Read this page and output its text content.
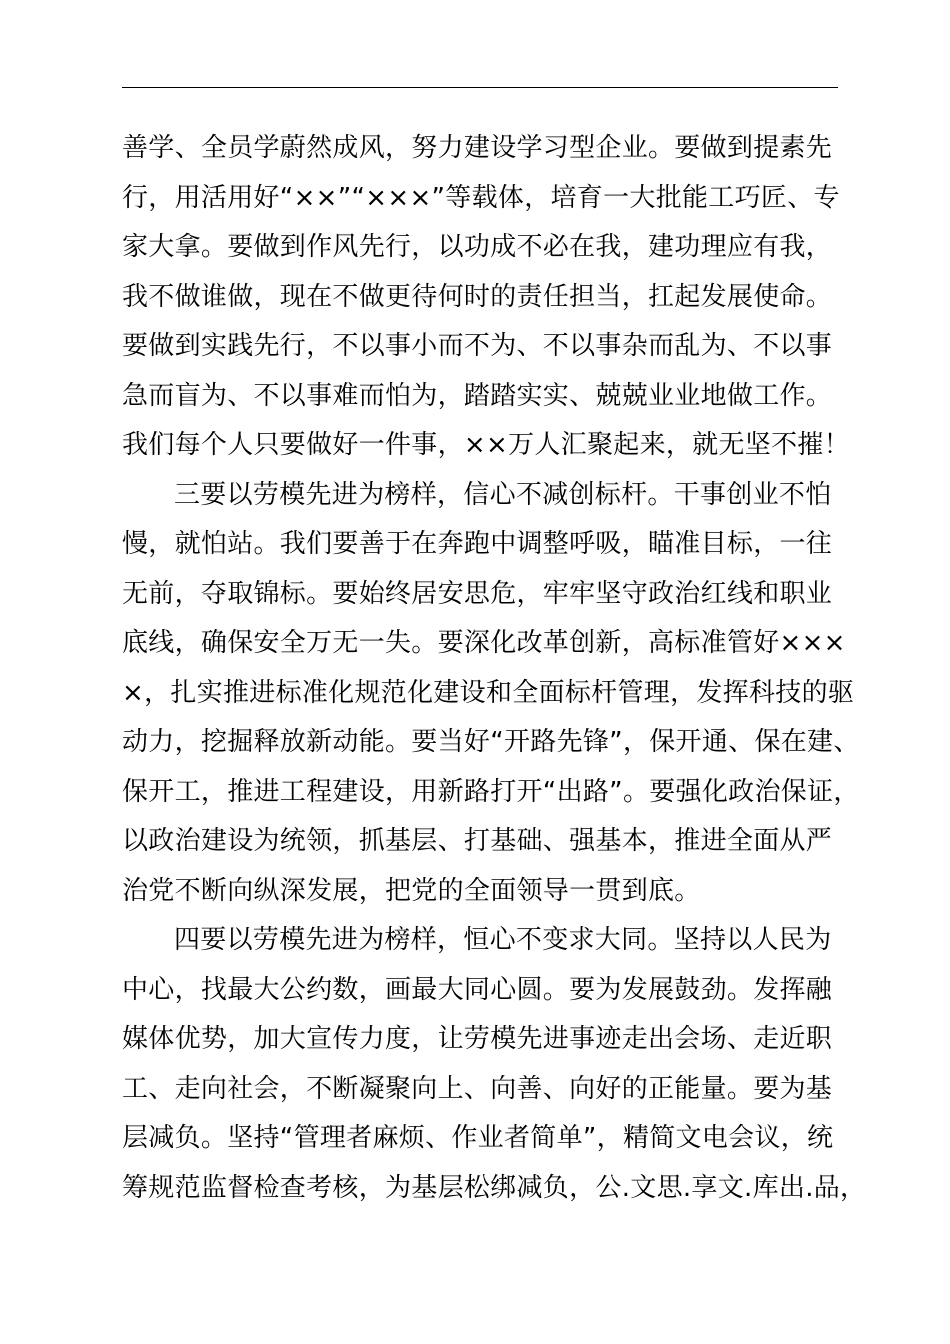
善学、全员学蔚然成风，努力建设学习型企业。要做到提素先
行，用活用好“××”“×××”等载体，培育一大批能工巧匠、专
家大拿。要做到作风先行，以功成不必在我，建功理应有我，
我不做谁做，现在不做更待何时的责任担当，扛起发展使命。
要做到实践先行，不以事小而不为、不以事杂而乱为、不以事
急而盲为、不以事难而怕为，踏踏实实、兢兢业业地做工作。
我们每个人只要做好一件事，××万人汇聚起来，就无坚不摧！
三要以劳模先进为榜样，信心不减创标杆。干事创业不怕
慢，就怕站。我们要善于在奔跑中调整呼吸，瞄准目标，一往
无前，夺取锦标。要始终居安思危，牢牢坚守政治红线和职业
底线，确保安全万无一失。要深化改革创新，高标准管好×××
×，扎实推进标准化规范化建设和全面标杆管理，发挥科技的驱
动力，挖掘释放新动能。要当好“开路先锋”，保开通、保在建、
保开工，推进工程建设，用新路打开“出路”。要强化政治保证，
以政治建设为统领，抓基层、打基础、强基本，推进全面从严
治党不断向纵深发展，把党的全面领导一贯到底。
四要以劳模先进为榜样，恒心不变求大同。坚持以人民为
中心，找最大公约数，画最大同心圆。要为发展鼓劲。发挥融
媒体优势，加大宣传力度，让劳模先进事迹走出会场、走近职
工、走向社会，不断凝聚向上、向善、向好的正能量。要为基
层减负。坚持“管理者麻烦、作业者简单”，精简文电会议，统
筹规范监督检查考核，为基层松绑减负，公.文思.享文.库出.品，
